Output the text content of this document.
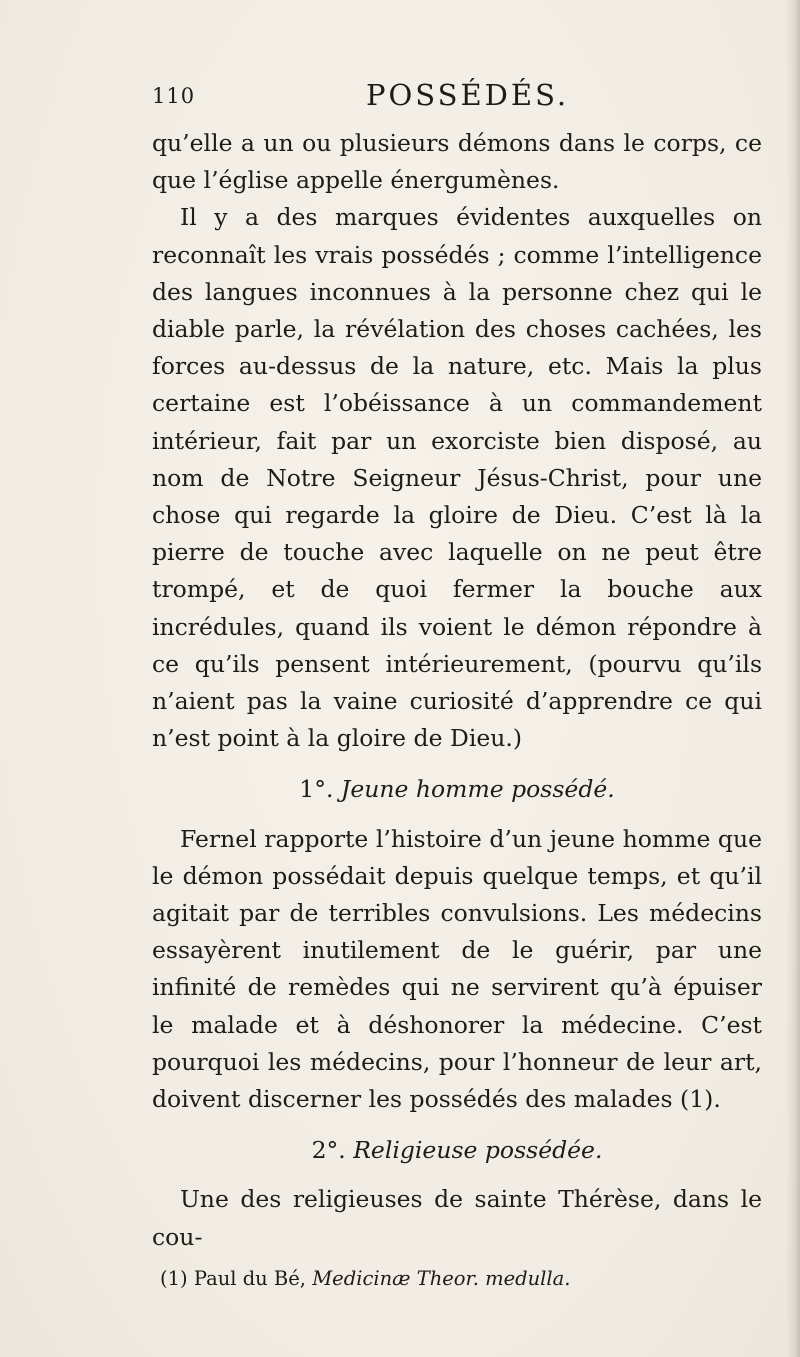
110	POSSÉDÉS.

qu’elle a un ou plusieurs démons dans le corps, ce que l’église appelle énergumènes.

Il y a des marques évidentes auxquelles on reconnaît les vrais possédés ; comme l’intelligence des langues inconnues à la personne chez qui le diable parle, la révélation des choses cachées, les forces au-dessus de la nature, etc. Mais la plus certaine est l’obéissance à un commandement intérieur, fait par un exorciste bien disposé, au nom de Notre Seigneur Jésus-Christ, pour une chose qui regarde la gloire de Dieu. C’est là la pierre de touche avec laquelle on ne peut être trompé, et de quoi fermer la bouche aux incrédules, quand ils voient le démon répondre à ce qu’ils pensent intérieurement, (pourvu qu’ils n’aient pas la vaine curiosité d’apprendre ce qui n’est point à la gloire de Dieu.)

1°. Jeune homme possédé.

Fernel rapporte l’histoire d’un jeune homme que le démon possédait depuis quelque temps, et qu’il agitait par de terribles convulsions. Les médecins essayèrent inutilement de le guérir, par une infinité de remèdes qui ne servirent qu’à épuiser le malade et à déshonorer la médecine. C’est pourquoi les médecins, pour l’honneur de leur art, doivent discerner les possédés des malades (1).

2°. Religieuse possédée.

Une des religieuses de sainte Thérèse, dans le cou-

(1) Paul du Bé, Medicinæ Theor. medulla.
